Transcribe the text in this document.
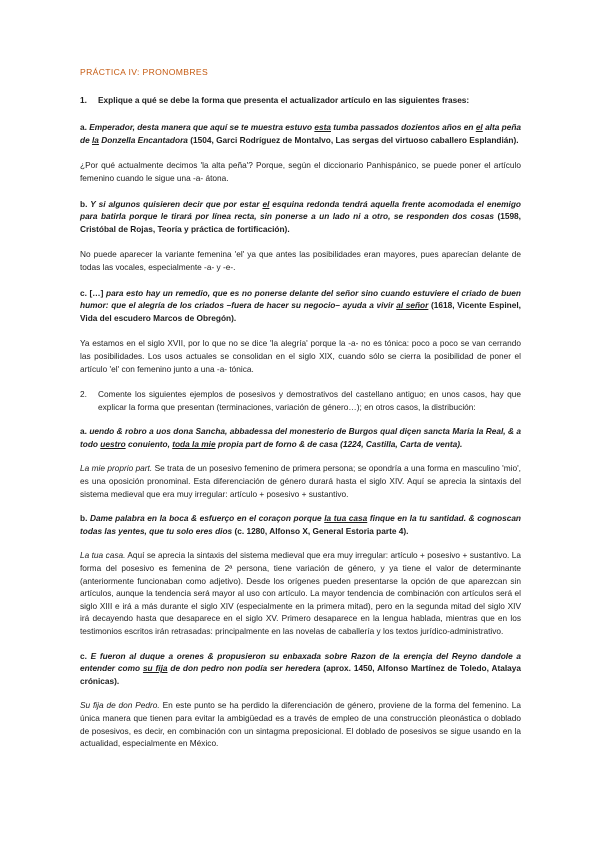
PRÁCTICA IV: PRONOMBRES
1.	Explique a qué se debe la forma que presenta el actualizador artículo en las siguientes frases:

a. Emperador, desta manera que aquí se te muestra estuvo esta tumba passados dozientos años en el alta peña de la Donzella Encantadora (1504, Garci Rodríguez de Montalvo, Las sergas del virtuoso caballero Esplandián).

¿Por qué actualmente decimos 'la alta peña'? Porque, según el diccionario Panhispánico, se puede poner el artículo femenino cuando le sigue una -a- átona.

b. Y si algunos quisieren decir que por estar el esquina redonda tendrá aquella frente acomodada el enemigo para batirla porque le tirará por línea recta, sin ponerse a un lado ni a otro, se responden dos cosas (1598, Cristóbal de Rojas, Teoría y práctica de fortificación).

No puede aparecer la variante femenina 'el' ya que antes las posibilidades eran mayores, pues aparecían delante de todas las vocales, especialmente -a- y -e-.

c. […] para esto hay un remedio, que es no ponerse delante del señor sino cuando estuviere el criado de buen humor: que el alegría de los criados –fuera de hacer su negocio– ayuda a vivir al señor (1618, Vicente Espinel, Vida del escudero Marcos de Obregón).

Ya estamos en el siglo XVII, por lo que no se dice 'la alegría' porque la -a- no es tónica: poco a poco se van cerrando las posibilidades. Los usos actuales se consolidan en el siglo XIX, cuando sólo se cierra la posibilidad de poner el artículo 'el' con femenino junto a una -a- tónica.

2.	Comente los siguientes ejemplos de posesivos y demostrativos del castellano antiguo; en unos casos, hay que explicar la forma que presentan (terminaciones, variación de género…); en otros casos, la distribución:

a. uendo & robro a uos dona Sancha, abbadessa del monesterio de Burgos qual diçen sancta Maria la Real, & a todo uestro conuiento, toda la mie propia part de forno & de casa (1224, Castilla, Carta de venta).

La mie proprio part. Se trata de un posesivo femenino de primera persona; se opondría a una forma en masculino 'mio', es una oposición pronominal. Esta diferenciación de género durará hasta el siglo XIV. Aquí se aprecia la sintaxis del sistema medieval que era muy irregular: artículo + posesivo + sustantivo.

b. Dame palabra en la boca & esfuerço en el coraçon porque la tua casa finque en la tu santidad. & cognoscan todas las yentes, que tu solo eres dios (c. 1280, Alfonso X, General Estoria parte 4).

La tua casa. Aquí se aprecia la sintaxis del sistema medieval que era muy irregular: artículo + posesivo + sustantivo. La forma del posesivo es femenina de 2ª persona, tiene variación de género, y ya tiene el valor de determinante (anteriormente funcionaban como adjetivo). Desde los orígenes pueden presentarse la opción de que aparezcan sin artículos, aunque la tendencia será mayor al uso con artículo. La mayor tendencia de combinación con artículos será el siglo XIII e irá a más durante el siglo XIV (especialmente en la primera mitad), pero en la segunda mitad del siglo XIV irá decayendo hasta que desaparece en el siglo XV. Primero desaparece en la lengua hablada, mientras que en los testimonios escritos irán retrasadas: principalmente en las novelas de caballería y los textos jurídico-administrativo.

c. E fueron al duque a orenes & propusieron su enbaxada sobre Razon de la erençia del Reyno dandole a entender como su fija de don pedro non podía ser heredera (aprox. 1450, Alfonso Martínez de Toledo, Atalaya crónicas).

Su fija de don Pedro. En este punto se ha perdido la diferenciación de género, proviene de la forma del femenino. La única manera que tienen para evitar la ambigüedad es a través de empleo de una construcción pleonástica o doblado de posesivos, es decir, en combinación con un sintagma preposicional. El doblado de posesivos se sigue usando en la actualidad, especialmente en México.
